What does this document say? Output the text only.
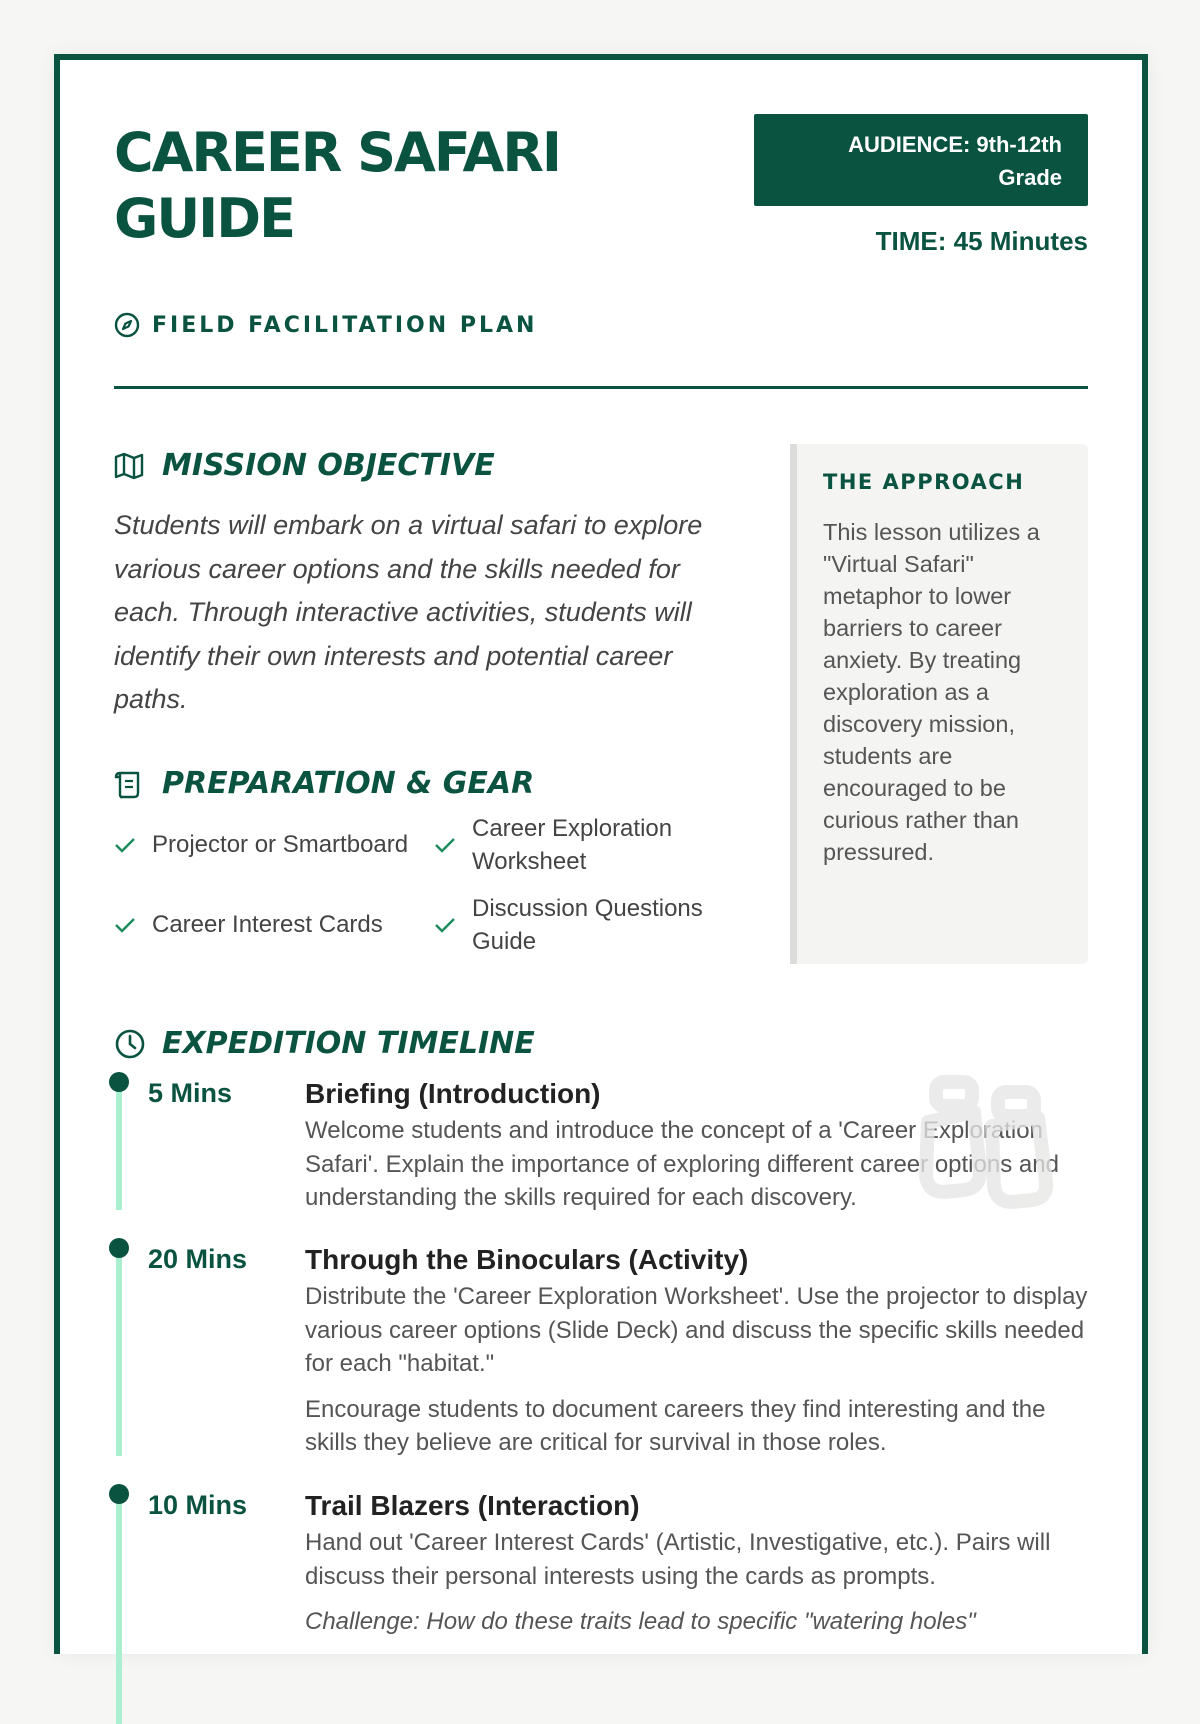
CAREER SAFARI GUIDE
FIELD FACILITATION PLAN
AUDIENCE: 9th-12th Grade
TIME: 45 Minutes
MISSION OBJECTIVE

Students will embark on a virtual safari to explore various career options and the skills needed for each. Through interactive activities, students will identify their own interests and potential career paths.

PREPARATION & GEAR
Projector or Smartboard
Career Exploration Worksheet
Career Interest Cards
Discussion Questions Guide
THE APPROACH

This lesson utilizes a "Virtual Safari" metaphor to lower barriers to career anxiety. By treating exploration as a discovery mission, students are encouraged to be curious rather than pressured.

EXPEDITION TIMELINE
5 Mins	Briefing (Introduction)

Welcome students and introduce the concept of a 'Career Exploration Safari'. Explain the importance of exploring different career options and understanding the skills required for each discovery.

20 Mins Through the Binoculars (Activity)

Distribute the 'Career Exploration Worksheet'. Use the projector to display various career options (Slide Deck) and discuss the specific skills needed for each "habitat."

Encourage students to document careers they find interesting and the skills they believe are critical for survival in those roles.

10 Mins Trail Blazers (Interaction)

Hand out 'Career Interest Cards' (Artistic, Investigative, etc.). Pairs will discuss their personal interests using the cards as prompts.

Challenge: How do these traits lead to specific "watering holes"
